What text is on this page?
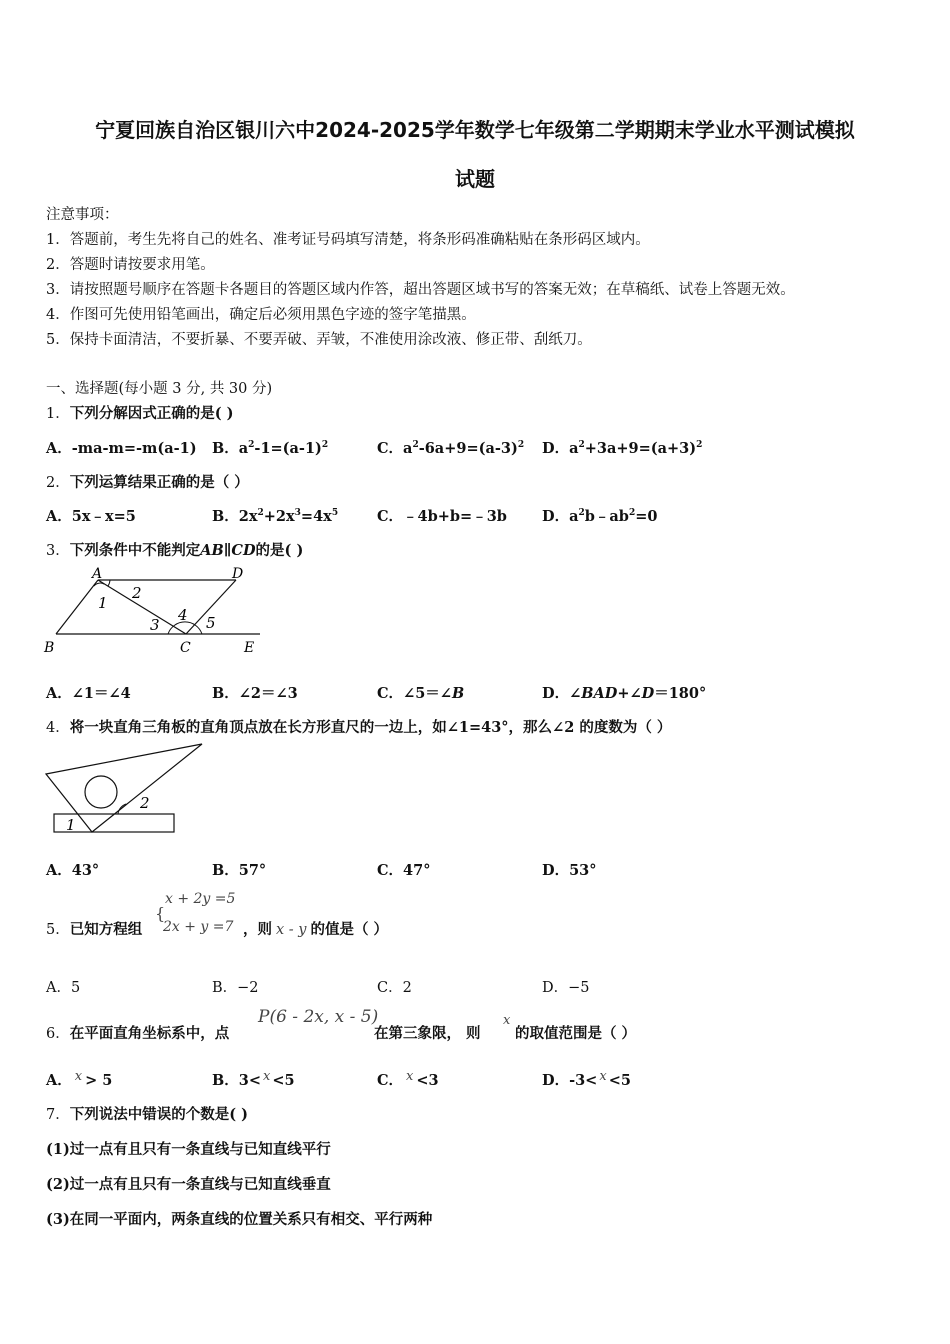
宁夏回族自治区银川六中2024-2025学年数学七年级第二学期期末学业水平测试模拟
试题
注意事项：
1．答题前，考生先将自己的姓名、准考证号码填写清楚，将条形码准确粘贴在条形码区域内。
2．答题时请按要求用笔。
3．请按照题号顺序在答题卡各题目的答题区域内作答，超出答题区域书写的答案无效；在草稿纸、试卷上答题无效。
4．作图可先使用铅笔画出，确定后必须用黑色字迹的签字笔描黑。
5．保持卡面清洁，不要折暴、不要弄破、弄皱，不准使用涂改液、修正带、刮纸刀。
一、选择题(每小题 3 分, 共 30 分)
1．下列分解因式正确的是( )
A．-ma-m=-m(a-1) B．$a^2-1=(a-1)^2$	C．$a^2-6a+9=(a-3)^2$ D．$a^2+3a+9=(a+3)^2$
2．下列运算结果正确的是（ ）
A．5x﹣x=5	B．$2x^2+2x^3=4x^5$	C．﹣4b+b=﹣3b D．$a^2b﹣ab^2=0$
3．下列条件中不能判定AB∥CD的是( )
A	D
B	C	E
1
2
3
4 5
A．∠1＝∠4	B．∠2＝∠3	C．∠5＝∠B	D．∠BAD+∠D＝180°
4．将一块直角三角板的直角顶点放在长方形直尺的一边上，如∠1=43°，那么∠2 的度数为（ ）
2
1
A．43°	B．57°	C．47°	D．53°
5．已知方程组
{
x + 2y =5
2x + y =7 ，则 x - y 的值是（ ）
A．5	B．−2	C．2	D．−5
6．在平面直角坐标系中，点
P(6 - 2x, x - 5)
在第三象限， 则
x
的取值范围是（ ）
A． x > 5	B．3< x <5	C． x <3	D．-3< x <5
7．下列说法中错误的个数是( )
(1)过一点有且只有一条直线与已知直线平行
(2)过一点有且只有一条直线与已知直线垂直
(3)在同一平面内，两条直线的位置关系只有相交、平行两种
